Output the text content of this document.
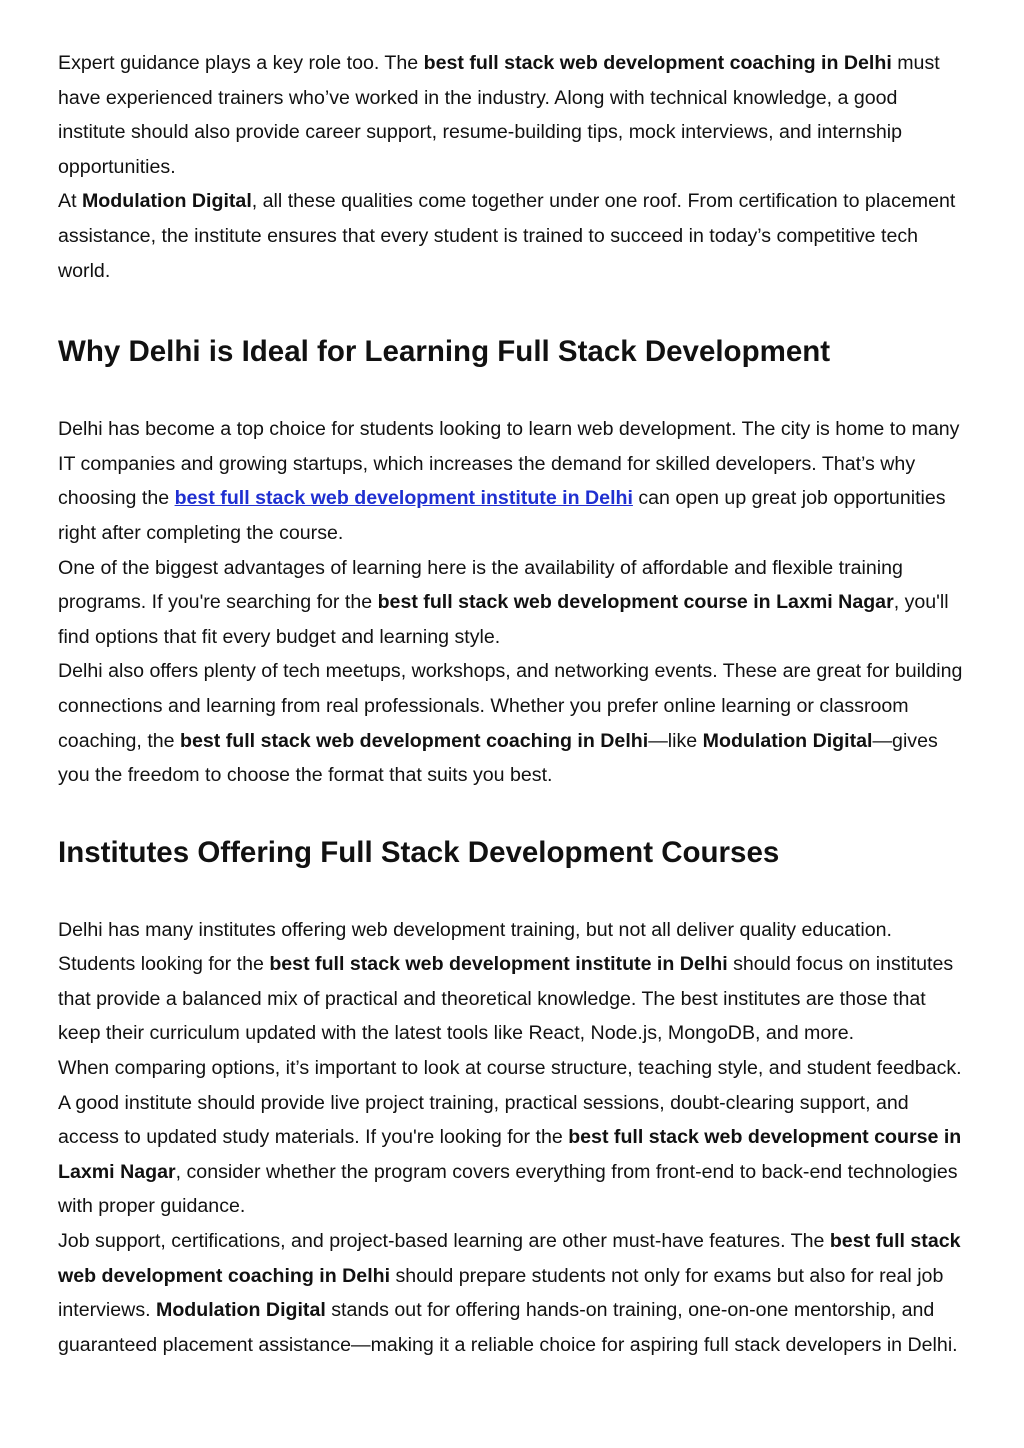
Expert guidance plays a key role too. The best full stack web development coaching in Delhi must have experienced trainers who’ve worked in the industry. Along with technical knowledge, a good institute should also provide career support, resume-building tips, mock interviews, and internship opportunities.

At Modulation Digital, all these qualities come together under one roof. From certification to placement assistance, the institute ensures that every student is trained to succeed in today’s competitive tech world.

Why Delhi is Ideal for Learning Full Stack Development

Delhi has become a top choice for students looking to learn web development. The city is home to many IT companies and growing startups, which increases the demand for skilled developers. That’s why choosing the best full stack web development institute in Delhi can open up great job opportunities right after completing the course.

One of the biggest advantages of learning here is the availability of affordable and flexible training programs. If you're searching for the best full stack web development course in Laxmi Nagar, you'll find options that fit every budget and learning style.

Delhi also offers plenty of tech meetups, workshops, and networking events. These are great for building connections and learning from real professionals. Whether you prefer online learning or classroom coaching, the best full stack web development coaching in Delhi—like Modulation Digital—gives you the freedom to choose the format that suits you best.

Institutes Offering Full Stack Development Courses

Delhi has many institutes offering web development training, but not all deliver quality education. Students looking for the best full stack web development institute in Delhi should focus on institutes that provide a balanced mix of practical and theoretical knowledge. The best institutes are those that keep their curriculum updated with the latest tools like React, Node.js, MongoDB, and more.

When comparing options, it’s important to look at course structure, teaching style, and student feedback. A good institute should provide live project training, practical sessions, doubt-clearing support, and access to updated study materials. If you're looking for the best full stack web development course in Laxmi Nagar, consider whether the program covers everything from front-end to back-end technologies with proper guidance.

Job support, certifications, and project-based learning are other must-have features. The best full stack web development coaching in Delhi should prepare students not only for exams but also for real job interviews. Modulation Digital stands out for offering hands-on training, one-on-one mentorship, and guaranteed placement assistance—making it a reliable choice for aspiring full stack developers in Delhi.
